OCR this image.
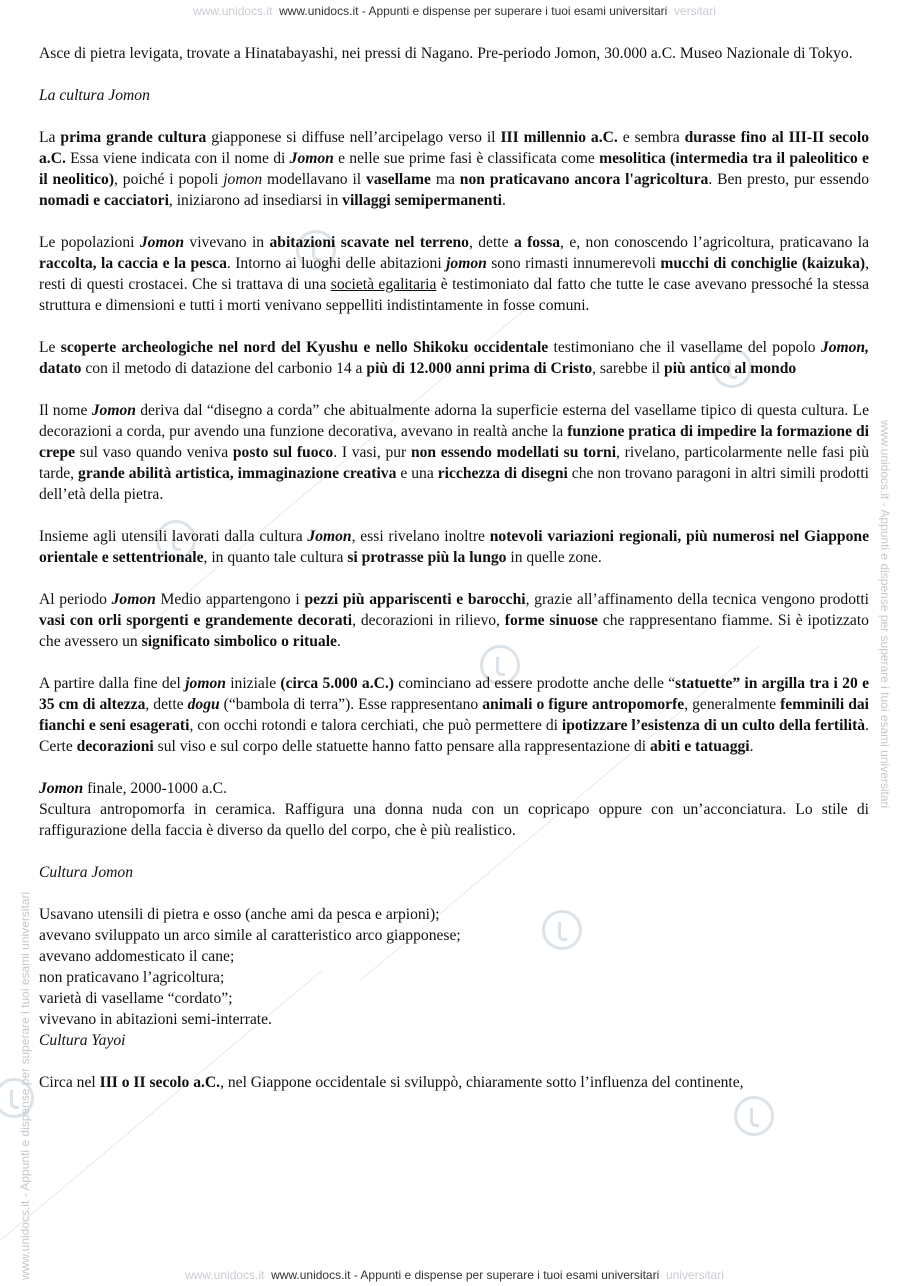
www.unidocs.it - Appunti e dispense per superare i tuoi esami universitari
www.unidocs.it - Appunti e dispense per superare i tuoi esami universitari
www.unidocs.it www.unidocs.it - Appunti e dispense per superare i tuoi esami universitari versitari

Asce di pietra levigata, trovate a Hinatabayashi, nei pressi di Nagano. Pre-periodo Jomon, 30.000 a.C. Museo Nazionale di Tokyo.

La cultura Jomon

La prima grande cultura giapponese si diffuse nell’arcipelago verso il III millennio a.C. e sembra durasse fino al III-II secolo a.C. Essa viene indicata con il nome di Jomon e nelle sue prime fasi è classificata come mesolitica (intermedia tra il paleolitico e il neolitico), poiché i popoli jomon modellavano il vasellame ma non praticavano ancora l'agricoltura. Ben presto, pur essendo nomadi e cacciatori, iniziarono ad insediarsi in villaggi semipermanenti.

Le popolazioni Jomon vivevano in abitazioni scavate nel terreno, dette a fossa, e, non conoscendo l’agricoltura, praticavano la raccolta, la caccia e la pesca. Intorno ai luoghi delle abitazioni jomon sono rimasti innumerevoli mucchi di conchiglie (kaizuka), resti di questi crostacei. Che si trattava di una società egalitaria è testimoniato dal fatto che tutte le case avevano pressoché la stessa struttura e dimensioni e tutti i morti venivano seppelliti indistintamente in fosse comuni.

Le scoperte archeologiche nel nord del Kyushu e nello Shikoku occidentale testimoniano che il vasellame del popolo Jomon, datato con il metodo di datazione del carbonio 14 a più di 12.000 anni prima di Cristo, sarebbe il più antico al mondo

Il nome Jomon deriva dal “disegno a corda” che abitualmente adorna la superficie esterna del vasellame tipico di questa cultura. Le decorazioni a corda, pur avendo una funzione decorativa, avevano in realtà anche la funzione pratica di impedire la formazione di crepe sul vaso quando veniva posto sul fuoco. I vasi, pur non essendo modellati su torni, rivelano, particolarmente nelle fasi più tarde, grande abilità artistica, immaginazione creativa e una ricchezza di disegni che non trovano paragoni in altri simili prodotti dell’età della pietra.

Insieme agli utensili lavorati dalla cultura Jomon, essi rivelano inoltre notevoli variazioni regionali, più numerosi nel Giappone orientale e settentrionale, in quanto tale cultura si protrasse più la lungo in quelle zone.

Al periodo Jomon Medio appartengono i pezzi più appariscenti e barocchi, grazie all’affinamento della tecnica vengono prodotti vasi con orli sporgenti e grandemente decorati, decorazioni in rilievo, forme sinuose che rappresentano fiamme. Si è ipotizzato che avessero un significato simbolico o rituale.

A partire dalla fine del jomon iniziale (circa 5.000 a.C.) cominciano ad essere prodotte anche delle “statuette” in argilla tra i 20 e 35 cm di altezza, dette dogu (“bambola di terra”). Esse rappresentano animali o figure antropomorfe, generalmente femminili dai fianchi e seni esagerati, con occhi rotondi e talora cerchiati, che può permettere di ipotizzare l’esistenza di un culto della fertilità. Certe decorazioni sul viso e sul corpo delle statuette hanno fatto pensare alla rappresentazione di abiti e tatuaggi.

Jomon finale, 2000-1000 a.C.
Scultura antropomorfa in ceramica. Raffigura una donna nuda con un copricapo oppure con un’acconciatura. Lo stile di raffigurazione della faccia è diverso da quello del corpo, che è più realistico.

Cultura Jomon

Usavano utensili di pietra e osso (anche ami da pesca e arpioni);
avevano sviluppato un arco simile al caratteristico arco giapponese;
avevano addomesticato il cane;
non praticavano l’agricoltura;
varietà di vasellame “cordato”;
vivevano in abitazioni semi-interrate.
Cultura Yayoi

Circa nel III o II secolo a.C., nel Giappone occidentale si sviluppò, chiaramente sotto l’influenza del continente,

www.unidocs.it www.unidocs.it - Appunti e dispense per superare i tuoi esami universitari universitari
